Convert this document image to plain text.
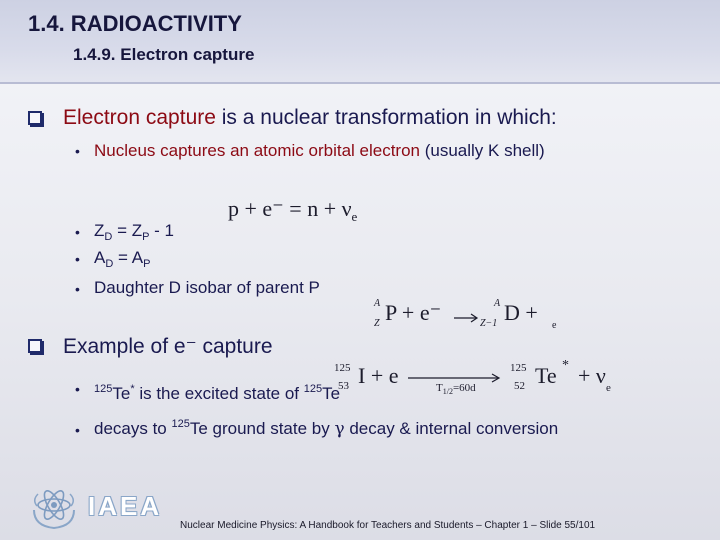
1.4. RADIOACTIVITY
1.4.9. Electron capture
Electron capture is a nuclear transformation in which:
• Nucleus captures an atomic orbital electron (usually K shell)
• $Z_D = Z_P - 1$
• $A_D = A_P$
• Daughter D isobar of parent P
$p + e^- = n + \nu_e$
A
Z P + e⁻ →
A
Z−1 D +
e
Example of e⁻ capture
125
53 I + e	$T_{1/2}=60d$
125
52 Te * + ν e
• $^{125}$Te* is the excited state of $^{125}$Te
• decays to $^{125}$Te ground state by γ decay & internal conversion
IAEA
Nuclear Medicine Physics: A Handbook for Teachers and Students – Chapter 1 – Slide 55/101
